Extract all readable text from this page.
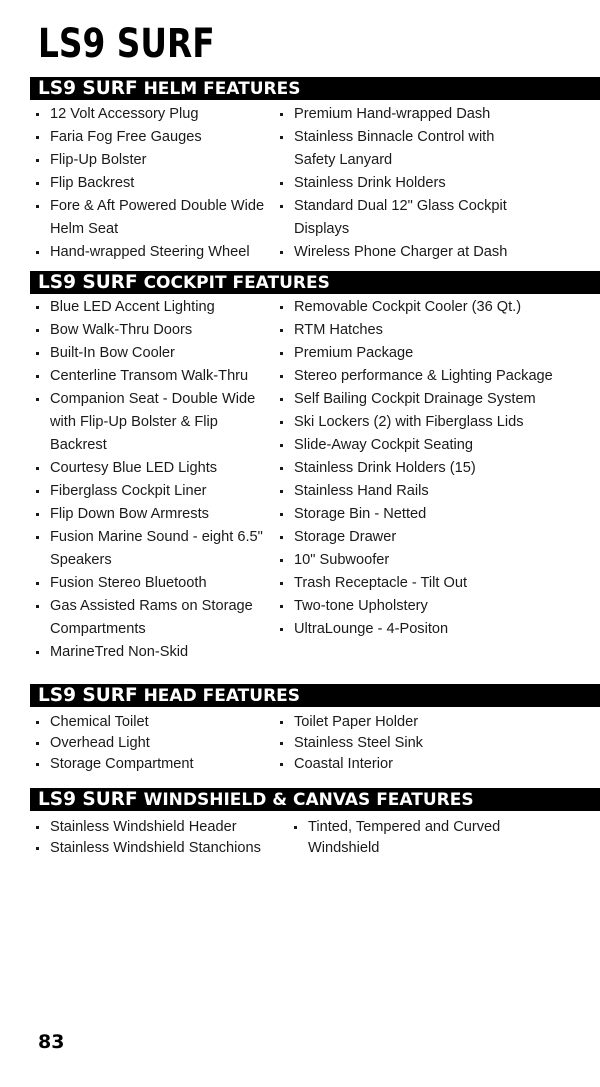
LS9 SURF
LS9 SURF HELM FEATURES
12 Volt Accessory Plug
Faria Fog Free Gauges
Flip-Up Bolster
Flip Backrest
Fore & Aft Powered Double Wide Helm Seat
Hand-wrapped Steering Wheel
Premium Hand-wrapped Dash
Stainless Binnacle Control with Safety Lanyard
Stainless Drink Holders
Standard Dual 12" Glass Cockpit Displays
Wireless Phone Charger at Dash
LS9 SURF COCKPIT FEATURES
Blue LED Accent Lighting
Bow Walk-Thru Doors
Built-In Bow Cooler
Centerline Transom Walk-Thru
Companion Seat - Double Wide with Flip-Up Bolster & Flip Backrest
Courtesy Blue LED Lights
Fiberglass Cockpit Liner
Flip Down Bow Armrests
Fusion Marine Sound - eight 6.5" Speakers
Fusion Stereo Bluetooth
Gas Assisted Rams on Storage Compartments
MarineTred Non-Skid
Removable Cockpit Cooler (36 Qt.)
RTM Hatches
Premium Package
Stereo performance & Lighting Package
Self Bailing Cockpit Drainage System
Ski Lockers (2) with Fiberglass Lids
Slide-Away Cockpit Seating
Stainless Drink Holders (15)
Stainless Hand Rails
Storage Bin - Netted
Storage Drawer
10" Subwoofer
Trash Receptacle - Tilt Out
Two-tone Upholstery
UltraLounge - 4-Positon
LS9 SURF HEAD FEATURES
Chemical Toilet
Overhead Light
Storage Compartment
Toilet Paper Holder
Stainless Steel Sink
Coastal Interior
LS9 SURF WINDSHIELD & CANVAS FEATURES
Stainless Windshield Header
Stainless Windshield Stanchions
Tinted, Tempered and Curved Windshield
83
